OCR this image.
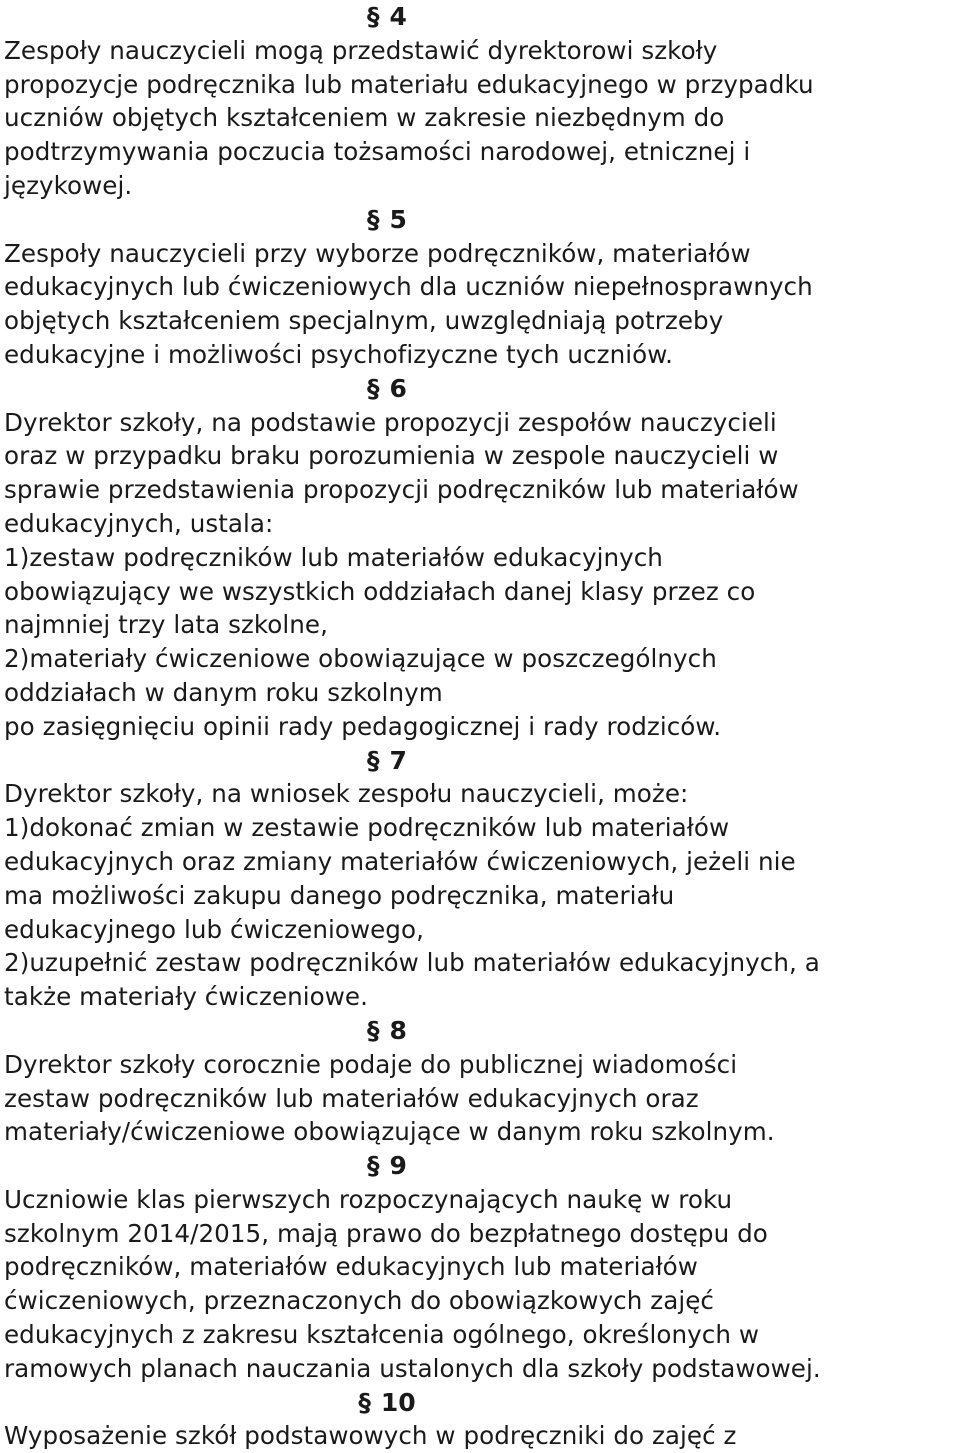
§ 4
Zespoły nauczycieli mogą przedstawić dyrektorowi szkoły
propozycje podręcznika lub materiału edukacyjnego w przypadku
uczniów objętych kształceniem w zakresie niezbędnym do
podtrzymywania poczucia tożsamości narodowej, etnicznej i
językowej.
§ 5
Zespoły nauczycieli przy wyborze podręczników, materiałów
edukacyjnych lub ćwiczeniowych dla uczniów niepełnosprawnych
objętych kształceniem specjalnym, uwzględniają potrzeby
edukacyjne i możliwości psychofizyczne tych uczniów.
§ 6
Dyrektor szkoły, na podstawie propozycji zespołów nauczycieli
oraz w przypadku braku porozumienia w zespole nauczycieli w
sprawie przedstawienia propozycji podręczników lub materiałów
edukacyjnych, ustala:
1)zestaw podręczników lub materiałów edukacyjnych
obowiązujący we wszystkich oddziałach danej klasy przez co
najmniej trzy lata szkolne,
2)materiały ćwiczeniowe obowiązujące w poszczególnych
oddziałach w danym roku szkolnym
po zasięgnięciu opinii rady pedagogicznej i rady rodziców.
§ 7
Dyrektor szkoły, na wniosek zespołu nauczycieli, może:
1)dokonać zmian w zestawie podręczników lub materiałów
edukacyjnych oraz zmiany materiałów ćwiczeniowych, jeżeli nie
ma możliwości zakupu danego podręcznika, materiału
edukacyjnego lub ćwiczeniowego,
2)uzupełnić zestaw podręczników lub materiałów edukacyjnych, a
także materiały ćwiczeniowe.
§ 8
Dyrektor szkoły corocznie podaje do publicznej wiadomości
zestaw podręczników lub materiałów edukacyjnych oraz
materiały/ćwiczeniowe obowiązujące w danym roku szkolnym.
§ 9
Uczniowie klas pierwszych rozpoczynających naukę w roku
szkolnym 2014/2015, mają prawo do bezpłatnego dostępu do
podręczników, materiałów edukacyjnych lub materiałów
ćwiczeniowych, przeznaczonych do obowiązkowych zajęć
edukacyjnych z zakresu kształcenia ogólnego, określonych w
ramowych planach nauczania ustalonych dla szkoły podstawowej.
§ 10
Wyposażenie szkół podstawowych w podręczniki do zajęć z
